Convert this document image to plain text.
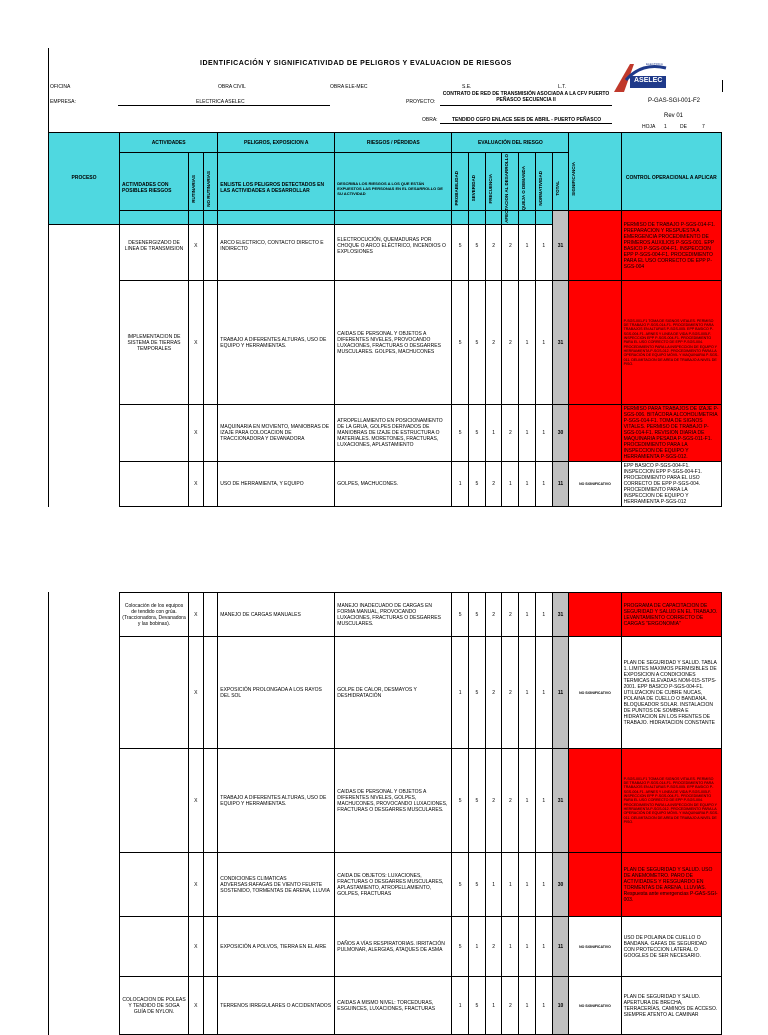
IDENTIFICACIÓN Y SIGNIFICATIVIDAD DE PELIGROS Y EVALUACION DE RIESGOS
OFICINA	OBRA CIVIL	OBRA ELE-MEC	S.E.	L.T.
EMPRESA:	ELECTRICA ASELEC
CONTRATO DE RED DE TRANSMISIÓN ASOCIADA A LA CFV PUERTO PEÑASCO SECUENCIA II
PROYECTO:	P-GAS-SGI-001-F2
OBRA:	TENDIDO CGFO ENLACE SEIS DE ABRIL - PUERTO PEÑASCO
Rev 01
HOJA 1	DE	7
ASELEC
ELECTRICA
PROCESO	ACTIVIDADES			PELIGROS, EXPOSICION A	RIESGOS / PÉRDIDAS	EVALUACIÓN DEL RIESGO							SIGNIFICANCIA	CONTROL OPERACIONAL A APLICAR
	ACTIVIDADES CON POSIBLES RIESGOS	RUTINARIAS	NO RUTINARIAS	ENLISTE LOS PELIGROS DETECTADOS EN LAS ACTIVIDADES A DESARROLLAR	DESCRIBA LOS RIESGOS A LOS QUE ESTÁN EXPUESTOS LAS PERSONAS EN EL DESARROLLO DE SU ACTIVIDAD	PROBABILIDAD	SEVERIDAD	FRECUENCIA	AFECTACION AL DESARROLLO	QUEJA O DEMANDA	NORMATIVIDAD	TOTAL		
	DESENERGIZADO DE LINEA DE TRANSMISION	X		ARCO ELECTRICO, CONTACTO DIRECTO E INDIRECTO	ELECTROCUCIÓN, QUEMADURAS POR CHOQUE O ARCO ELÉCTRICO, INCENDIOS O EXPLOSIONES	5	5	2	2	1	1	31	SIGNIFICATIVO	PERMISO DE TRABAJO P-SGS-014-F1. PREPARACION Y RESPUESTA A EMERGENCIA PROCEDIMIENTO DE PRIMEROS AUXILIOS P-SGS-001. EPP BASICO P-SGS-004-F1. INSPECCION EPP P-SGS-004-F1. PROCEDIMIENTO PARA EL USO CORRECTO DE EPP P-SGS-004
	IMPLEMENTACION DE SISTEMA DE TIERRAS TEMPORALES	X		TRABAJO A DIFERENTES ALTURAS, USO DE EQUIPO Y HERRAMIENTAS.	CAIDAS DE PERSONAL Y OBJETOS A DIFERENTES NIVELES, PROVOCANDO LUXACIONES, FRACTURAS O DESGARRES MUSCULARES. GOLPES, MACHUCONES	5	5	2	2	1	1	31	SIGNIFICATIVO	P-SGS-001-F1 TOMA DE SIGNOS VITALES. PERMISO DE TRABAJO P-SGS-014-F1. PROCEDIMIENTO PARA TRABAJOS EN ALTURAS P-SGS-005. EPP BASICO P-SGS-004-F1. ARNES Y LINEA DE VIDA P-SGS-005-F. INSPECCION EPP P-SGS-004-F1. PROCEDIMIENTO PARA EL USO CORRECTO DE EPP P-SGS-004. PROCEDIMIENTO PARA LA INSPECCION DE EQUIPO Y HERRAMIENTA P-SGS-012. PROCEDIMIENTO PARA LA OPERACIÓN DE EQUIPO MÓVIL Y MAQUINARIA P-SGS-011. DELIMITACION DE AREA DE TRABAJO A NIVEL DE PISO.
		X		MAQUINARIA EN MOVIENTO, MANIOBRAS DE IZAJE PARA COLOCACION DE TRACCIONADORA Y DEVANADORA	ATROPELLAMIENTO EN POSICIONAMIENTO DE LA GRUA, GOLPES DERIVADOS DE MANIOBRAS DE IZAJE DE ESTRUCTURA O MATERIALES. MORETONES, FRACTURAS, LUXACIONES, APLASTAMIENTO	5	5	1	2	1	1	30	SIGNIFICATIVO	PERMISO PARA TRABAJOS DE IZAJE P-SGS-006. BITÁCORA ALCOHOLIMETRIA P-SGS-014-F1. TOMA DE SIGNOS VITALES. PERMISO DE TRABAJO P-SGS-014-F1. REVISION DIARIA DE MAQUINARIA PESADA P-SGS-011-F1. PROCEDIMIENTO PARA LA INSPECCION DE EQUIPO Y HERRAMIENTA P-SGS-012.
		X		USO DE HERRAMIENTA, Y EQUIPO	GOLPES, MACHUCONES.	1	5	2	1	1	1	11	NO SIGNIFICATIVO	EPP BASICO P-SGS-004-F1. INSPECCION EPP P-SGS-004-F1. PROCEDIMIENTO PARA EL USO CORRECTO DE EPP P-SGS-004. PROCEDIMIENTO PARA LA INSPECCION DE EQUIPO Y HERRAMIENTA P-SGS-012
	Colocación de los equipos de tendido con grúa. (Traccionadora, Devanadora y las bobinas).	X		MANEJO DE CARGAS MANUALES	MANEJO INADECUADO DE CARGAS EN FORMA MANUAL, PROVOCANDO LUXACIONES, FRACTURAS O DESGARRES MUSCULARES.	5	5	2	2	1	1	31	SIGNIFICATIVO	PROGRAMA DE CAPACITACION DE SEGURIDAD Y SALUD EN EL TRABAJO. LEVANTAMIENTO CORRECTO DE CARGAS "ERGONOMIA"
		X		EXPOSICIÓN PROLONGADA A LOS RAYOS DEL SOL	GOLPE DE CALOR, DESMAYOS Y DESHIDRATACIÓN	1	5	2	2	1	1	11	NO SIGNIFICATIVO	PLAN DE SEGURIDAD Y SALUD. TABLA 1. LIMITES MAXIMOS PERMISIBLES DE EXPOSICION A CONDICIONES TERMICAS ELEVADAS NOM-015-STPS-2001. EPP BASICO P-SGS-004-F1. UTILIZACION DE CUBRE NUCAS, POLAINA DE CUELLO O BANDANA. BLOQUEADOR SOLAR. INSTALACION DE PUNTOS DE SOMBRA E HIDRATACION EN LOS FRENTES DE TRABAJO. HIDRATACION CONSTANTE
		X		TRABAJO A DIFERENTES ALTURAS, USO DE EQUIPO Y HERRAMIENTAS.	CAIDAS DE PERSONAL Y OBJETOS A DIFERENTES NIVELES, GOLPES, MACHUCONES, PROVOCANDO LUXACIONES, FRACTURAS O DESGARRES MUSCULARES.	5	5	2	2	1	1	31	SIGNIFICATIVO	P-SGS-001-F1 TOMA DE SIGNOS VITALES. PERMISO DE TRABAJO P-SGS-014-F1. PROCEDIMIENTO PARA TRABAJOS EN ALTURAS P-SGS-005. EPP BASICO P-SGS-004-F1. ARNES Y LINEA DE VIDA P-SGS-005-F. INSPECCION EPP P-SGS-004-F1. PROCEDIMIENTO PARA EL USO CORRECTO DE EPP P-SGS-004. PROCEDIMIENTO PARA LA INSPECCION DE EQUIPO Y HERRAMIENTA P-SGS-012. PROCEDIMIENTO PARA LA OPERACIÓN DE EQUIPO MÓVIL Y MAQUINARIA P-SGS-011. DELIMITACION DE AREA DE TRABAJO A NIVEL DE PISO.
		X		CONDICIONES CLIMATICAS ADVERSAS:RAFAGAS DE VIENTO FEURTE SOSTENIDO, TORMENTAS DE ARENA, LLUVIA	CAIDA DE OBJETOS: LUXACIONES, FRACTURAS O DESGARRES MUSCULARES, APLASTAMIENTO, ATROPELLAMIENTO, GOLPES, FRACTURAS	5	5	1	1	1	1	30	SIGNIFICATIVO	PLAN DE SEGURIDAD Y SALUD. USO DE ANEMOMETRO. PARO DE ACTIVIDADES Y RESGUARDO EN TORMENTAS DE ARENA, LLUVIAS. Respuesta ante emergencias P-GAS-SGI-003.
		X		EXPOSICIÓN A POLVOS, TIERRA EN EL AIRE	DAÑOS A VÍAS RESPIRATORIAS. IRRITACIÓN PULMONAR, ALERGIAS, ATAQUES DE ASMA	5	1	2	1	1	1	11	NO SIGNIFICATIVO	USO DE POLAINA DE CUELLO O BANDANA. GAFAS DE SEGURIDAD CON PROTECCION LATERAL O GOOGLES DE SER NECESARIO.
	COLOCACION DE POLEAS Y TENDIDO DE SOGA GUÍA DE NYLON.	X		TERRENOS IRREGULARES O ACCIDENTADOS	CAIDAS A MISMO NIVEL: TORCEDURAS, ESGUINCES, LUXACIONES, FRACTURAS	1	5	1	2	1	1	10	NO SIGNIFICATIVO	PLAN DE SEGURIDAD Y SALUD. APERTURA DE BRECHA, TERRACERÍAS, CAMINOS DE ACCESO. SIEMPRE ATENTO AL CAMINAR
